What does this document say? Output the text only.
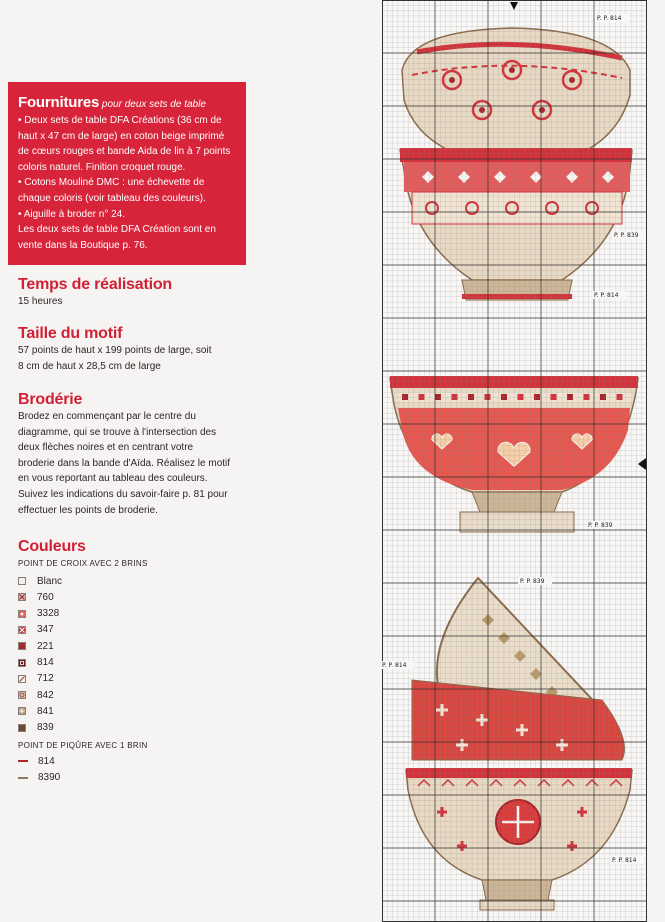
Fournitures pour deux sets de table

• Deux sets de table DFA Créations (36 cm de

haut x 47 cm de large) en coton beige imprimé

de cœurs rouges et bande Aida de lin à 7 points

coloris naturel. Finition croquet rouge.

• Cotons Mouliné DMC : une échevette de

chaque coloris (voir tableau des couleurs).

• Aiguille à broder n° 24.

Les deux sets de table DFA Création sont en

vente dans la Boutique p. 76.

Temps de réalisation

15 heures

Taille du motif

57 points de haut x 199 points de large, soit

8 cm de haut x 28,5 cm de large

Brodérie

Brodez en commençant par le centre du

diagramme, qui se trouve à l'intersection des

deux flèches noires et en centrant votre

broderie dans la bande d'Aïda. Réalisez le motif

en vous reportant au tableau des couleurs.

Suivez les indications du savoir-faire p. 81 pour

effectuer les points de broderie.

Couleurs
POINT DE CROIX AVEC 2 BRINS
Blanc
760
3328
347
221
814
712
842
841
839
POINT DE PIQÛRE AVEC 1 BRIN
814
8390
P. P. 814
P. P. 839
P. P. 814
P. P. 839
P. P. 839
P. P. 814
P. P. 814
